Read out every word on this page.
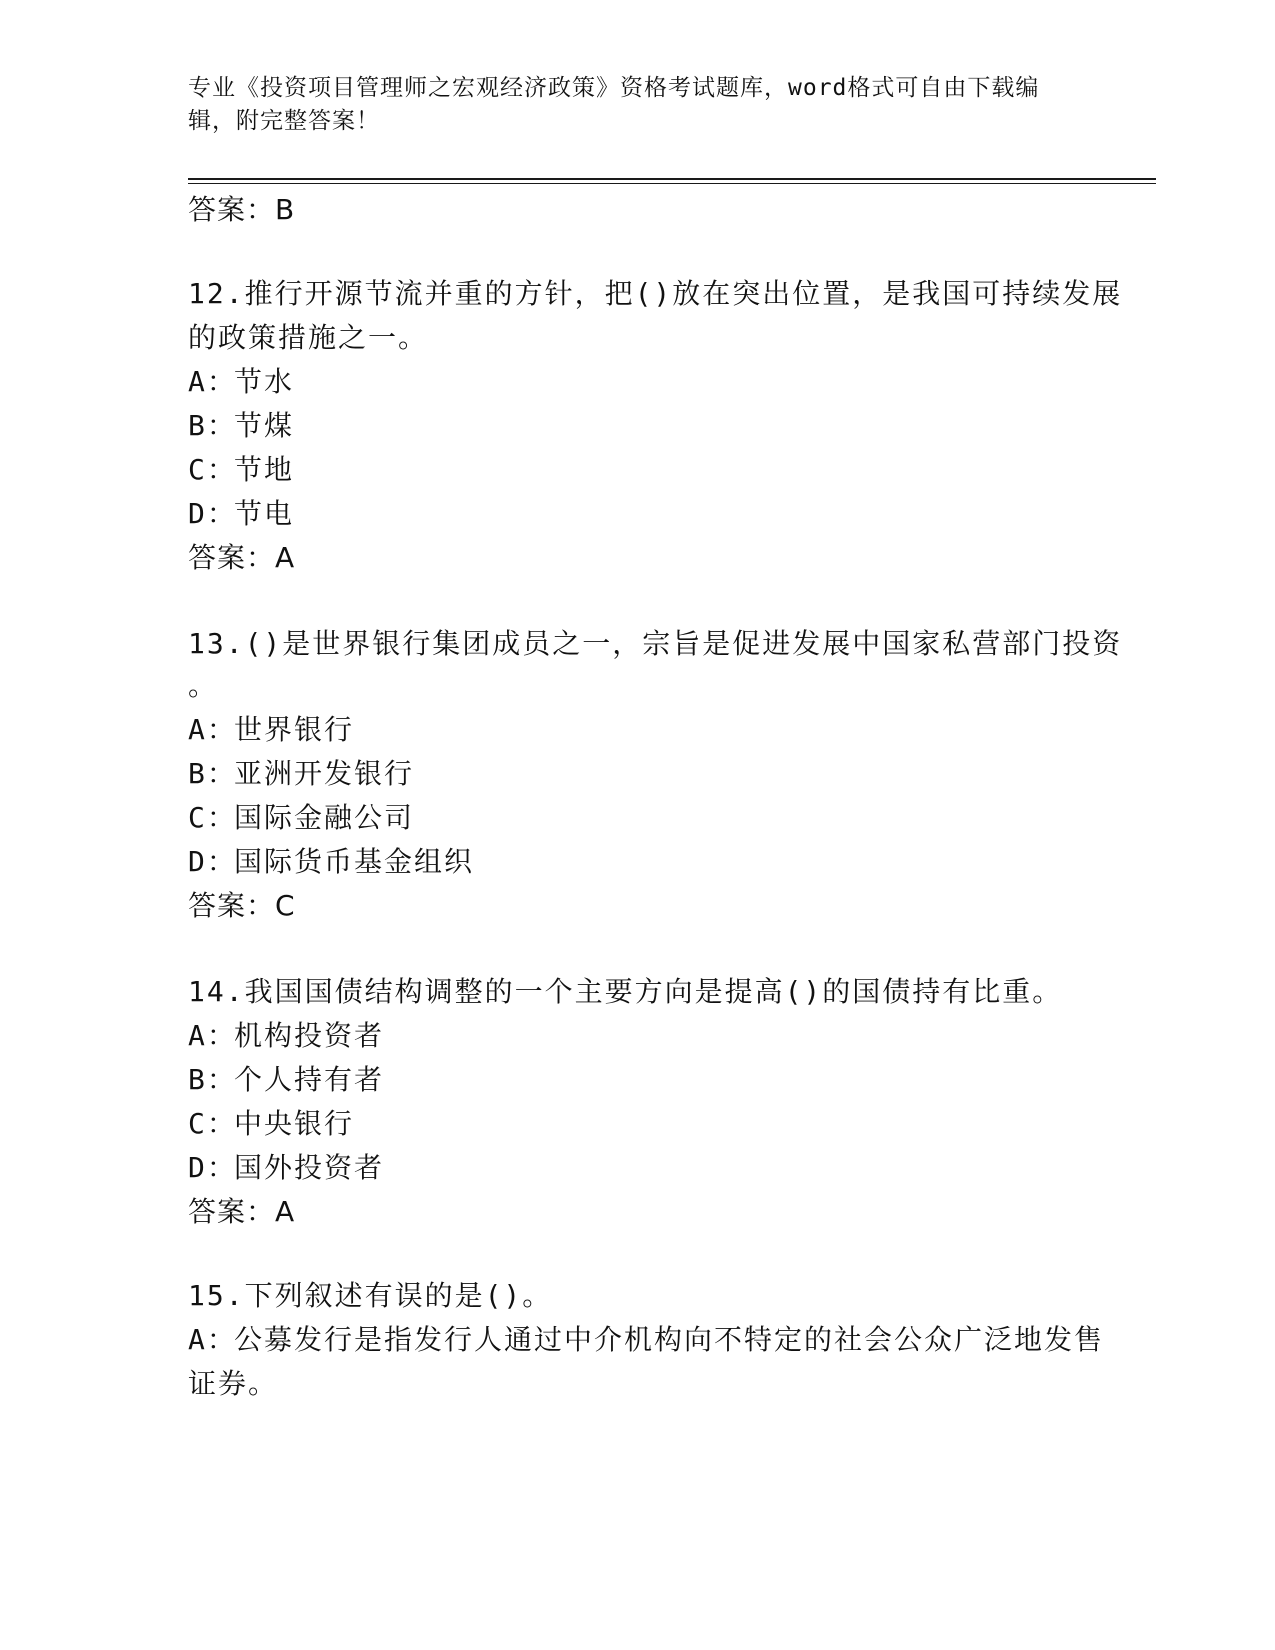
专业《投资项目管理师之宏观经济政策》资格考试题库，word格式可自由下载编辑，附完整答案！
答案：B
12.推行开源节流并重的方针，把()放在突出位置，是我国可持续发展
的政策措施之一。
A：节水
B：节煤
C：节地
D：节电
答案：A
13.()是世界银行集团成员之一，宗旨是促进发展中国家私营部门投资
。
A：世界银行
B：亚洲开发银行
C：国际金融公司
D：国际货币基金组织
答案：C
14.我国国债结构调整的一个主要方向是提高()的国债持有比重。
A：机构投资者
B：个人持有者
C：中央银行
D：国外投资者
答案：A
15.下列叙述有误的是()。
A：公募发行是指发行人通过中介机构向不特定的社会公众广泛地发售
证券。
